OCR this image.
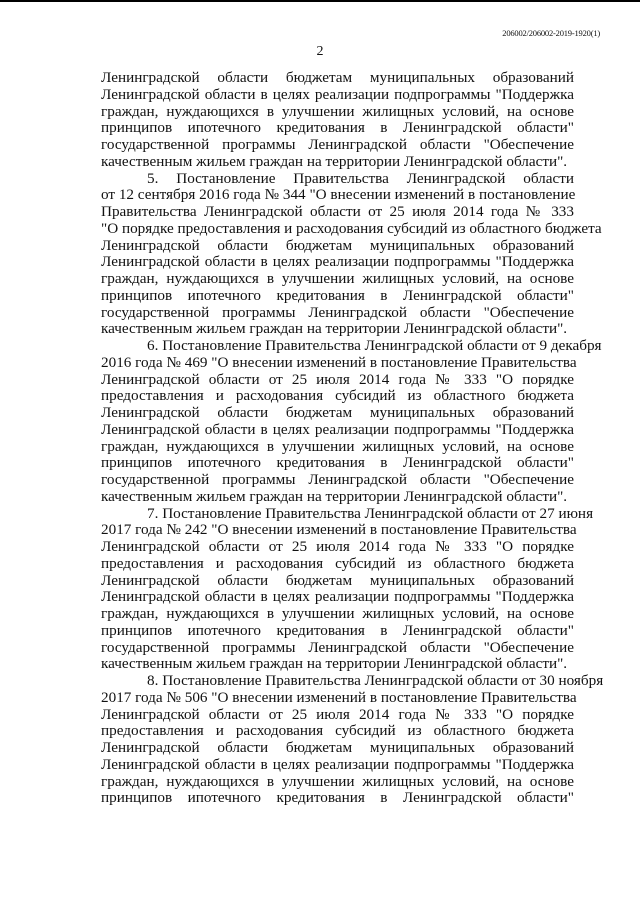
206002/206002-2019-1920(1)
2
Ленинградской области бюджетам муниципальных образований
Ленинградской области в целях реализации подпрограммы "Поддержка
граждан, нуждающихся в улучшении жилищных условий, на основе
принципов ипотечного кредитования в Ленинградской области"
государственной программы Ленинградской области "Обеспечение
качественным жильем граждан на территории Ленинградской области".
5. Постановление Правительства Ленинградской области
от 12 сентября 2016 года № 344 "О внесении изменений в постановление
Правительства Ленинградской области от 25 июля 2014 года № 333
"О порядке предоставления и расходования субсидий из областного бюджета
Ленинградской области бюджетам муниципальных образований
Ленинградской области в целях реализации подпрограммы "Поддержка
граждан, нуждающихся в улучшении жилищных условий, на основе
принципов ипотечного кредитования в Ленинградской области"
государственной программы Ленинградской области "Обеспечение
качественным жильем граждан на территории Ленинградской области".
6. Постановление Правительства Ленинградской области от 9 декабря
2016 года № 469 "О внесении изменений в постановление Правительства
Ленинградской области от 25 июля 2014 года № 333 "О порядке
предоставления и расходования субсидий из областного бюджета
Ленинградской области бюджетам муниципальных образований
Ленинградской области в целях реализации подпрограммы "Поддержка
граждан, нуждающихся в улучшении жилищных условий, на основе
принципов ипотечного кредитования в Ленинградской области"
государственной программы Ленинградской области "Обеспечение
качественным жильем граждан на территории Ленинградской области".
7. Постановление Правительства Ленинградской области от 27 июня
2017 года № 242 "О внесении изменений в постановление Правительства
Ленинградской области от 25 июля 2014 года № 333 "О порядке
предоставления и расходования субсидий из областного бюджета
Ленинградской области бюджетам муниципальных образований
Ленинградской области в целях реализации подпрограммы "Поддержка
граждан, нуждающихся в улучшении жилищных условий, на основе
принципов ипотечного кредитования в Ленинградской области"
государственной программы Ленинградской области "Обеспечение
качественным жильем граждан на территории Ленинградской области".
8. Постановление Правительства Ленинградской области от 30 ноября
2017 года № 506 "О внесении изменений в постановление Правительства
Ленинградской области от 25 июля 2014 года № 333 "О порядке
предоставления и расходования субсидий из областного бюджета
Ленинградской области бюджетам муниципальных образований
Ленинградской области в целях реализации подпрограммы "Поддержка
граждан, нуждающихся в улучшении жилищных условий, на основе
принципов ипотечного кредитования в Ленинградской области"
